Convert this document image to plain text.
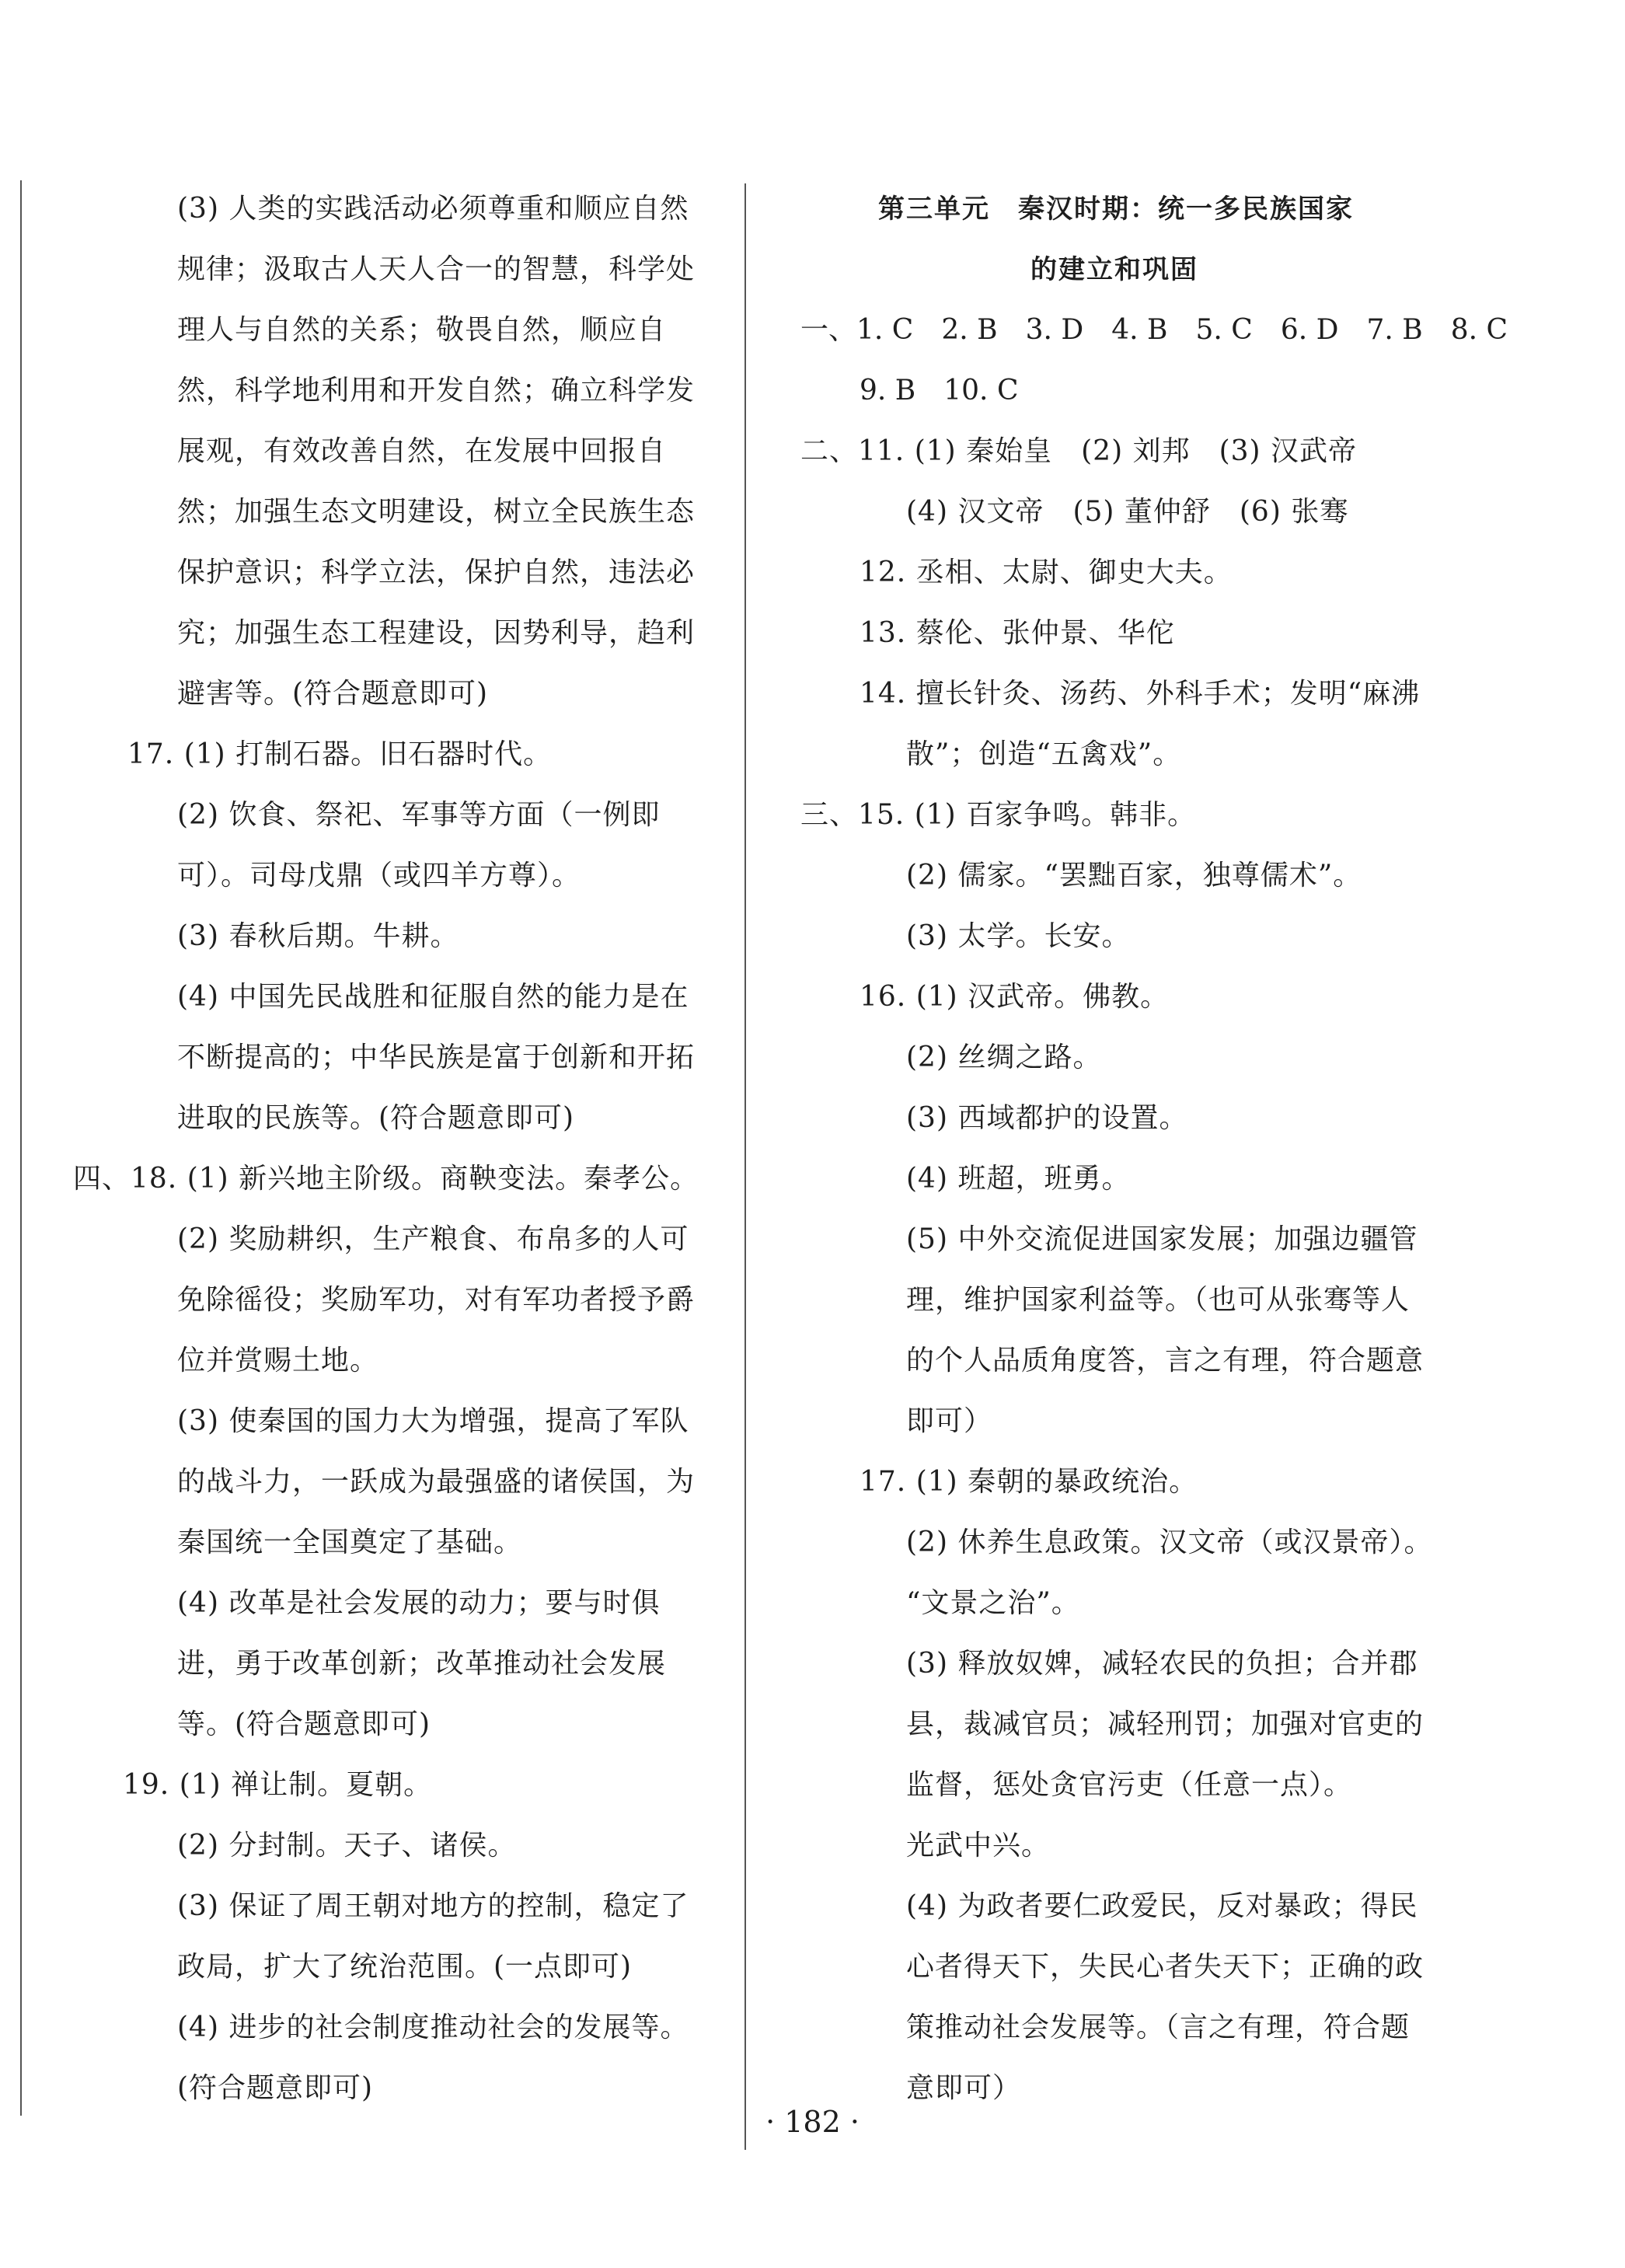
(3) 人类的实践活动必须尊重和顺应自然
规律；汲取古人天人合一的智慧，科学处
理人与自然的关系；敬畏自然，顺应自
然，科学地利用和开发自然；确立科学发
展观，有效改善自然，在发展中回报自
然；加强生态文明建设，树立全民族生态
保护意识；科学立法，保护自然，违法必
究；加强生态工程建设，因势利导，趋利
避害等。(符合题意即可)
17. (1) 打制石器。旧石器时代。
(2) 饮食、祭祀、军事等方面（一例即
可）。司母戊鼎（或四羊方尊）。
(3) 春秋后期。牛耕。
(4) 中国先民战胜和征服自然的能力是在
不断提高的；中华民族是富于创新和开拓
进取的民族等。(符合题意即可)
四、18. (1) 新兴地主阶级。商鞅变法。秦孝公。
(2) 奖励耕织，生产粮食、布帛多的人可
免除徭役；奖励军功，对有军功者授予爵
位并赏赐土地。
(3) 使秦国的国力大为增强，提高了军队
的战斗力，一跃成为最强盛的诸侯国，为
秦国统一全国奠定了基础。
(4) 改革是社会发展的动力；要与时俱
进，勇于改革创新；改革推动社会发展
等。(符合题意即可)
19. (1) 禅让制。夏朝。
(2) 分封制。天子、诸侯。
(3) 保证了周王朝对地方的控制，稳定了
政局，扩大了统治范围。(一点即可)
(4) 进步的社会制度推动社会的发展等。
(符合题意即可)
第三单元　秦汉时期：统一多民族国家
的建立和巩固
一、1. C　2. B　3. D　4. B　5. C　6. D　7. B　8. C
9. B　10. C
二、11. (1) 秦始皇　(2) 刘邦　(3) 汉武帝
(4) 汉文帝　(5) 董仲舒　(6) 张骞
12. 丞相、太尉、御史大夫。
13. 蔡伦、张仲景、华佗
14. 擅长针灸、汤药、外科手术；发明“麻沸
散”；创造“五禽戏”。
三、15. (1) 百家争鸣。韩非。
(2) 儒家。“罢黜百家，独尊儒术”。
(3) 太学。长安。
16. (1) 汉武帝。佛教。
(2) 丝绸之路。
(3) 西域都护的设置。
(4) 班超，班勇。
(5) 中外交流促进国家发展；加强边疆管
理，维护国家利益等。（也可从张骞等人
的个人品质角度答，言之有理，符合题意
即可）
17. (1) 秦朝的暴政统治。
(2) 休养生息政策。汉文帝（或汉景帝）。
“文景之治”。
(3) 释放奴婢，减轻农民的负担；合并郡
县，裁减官员；减轻刑罚；加强对官吏的
监督，惩处贪官污吏（任意一点）。
光武中兴。
(4) 为政者要仁政爱民，反对暴政；得民
心者得天下，失民心者失天下；正确的政
策推动社会发展等。（言之有理，符合题
意即可）
· 182 ·
